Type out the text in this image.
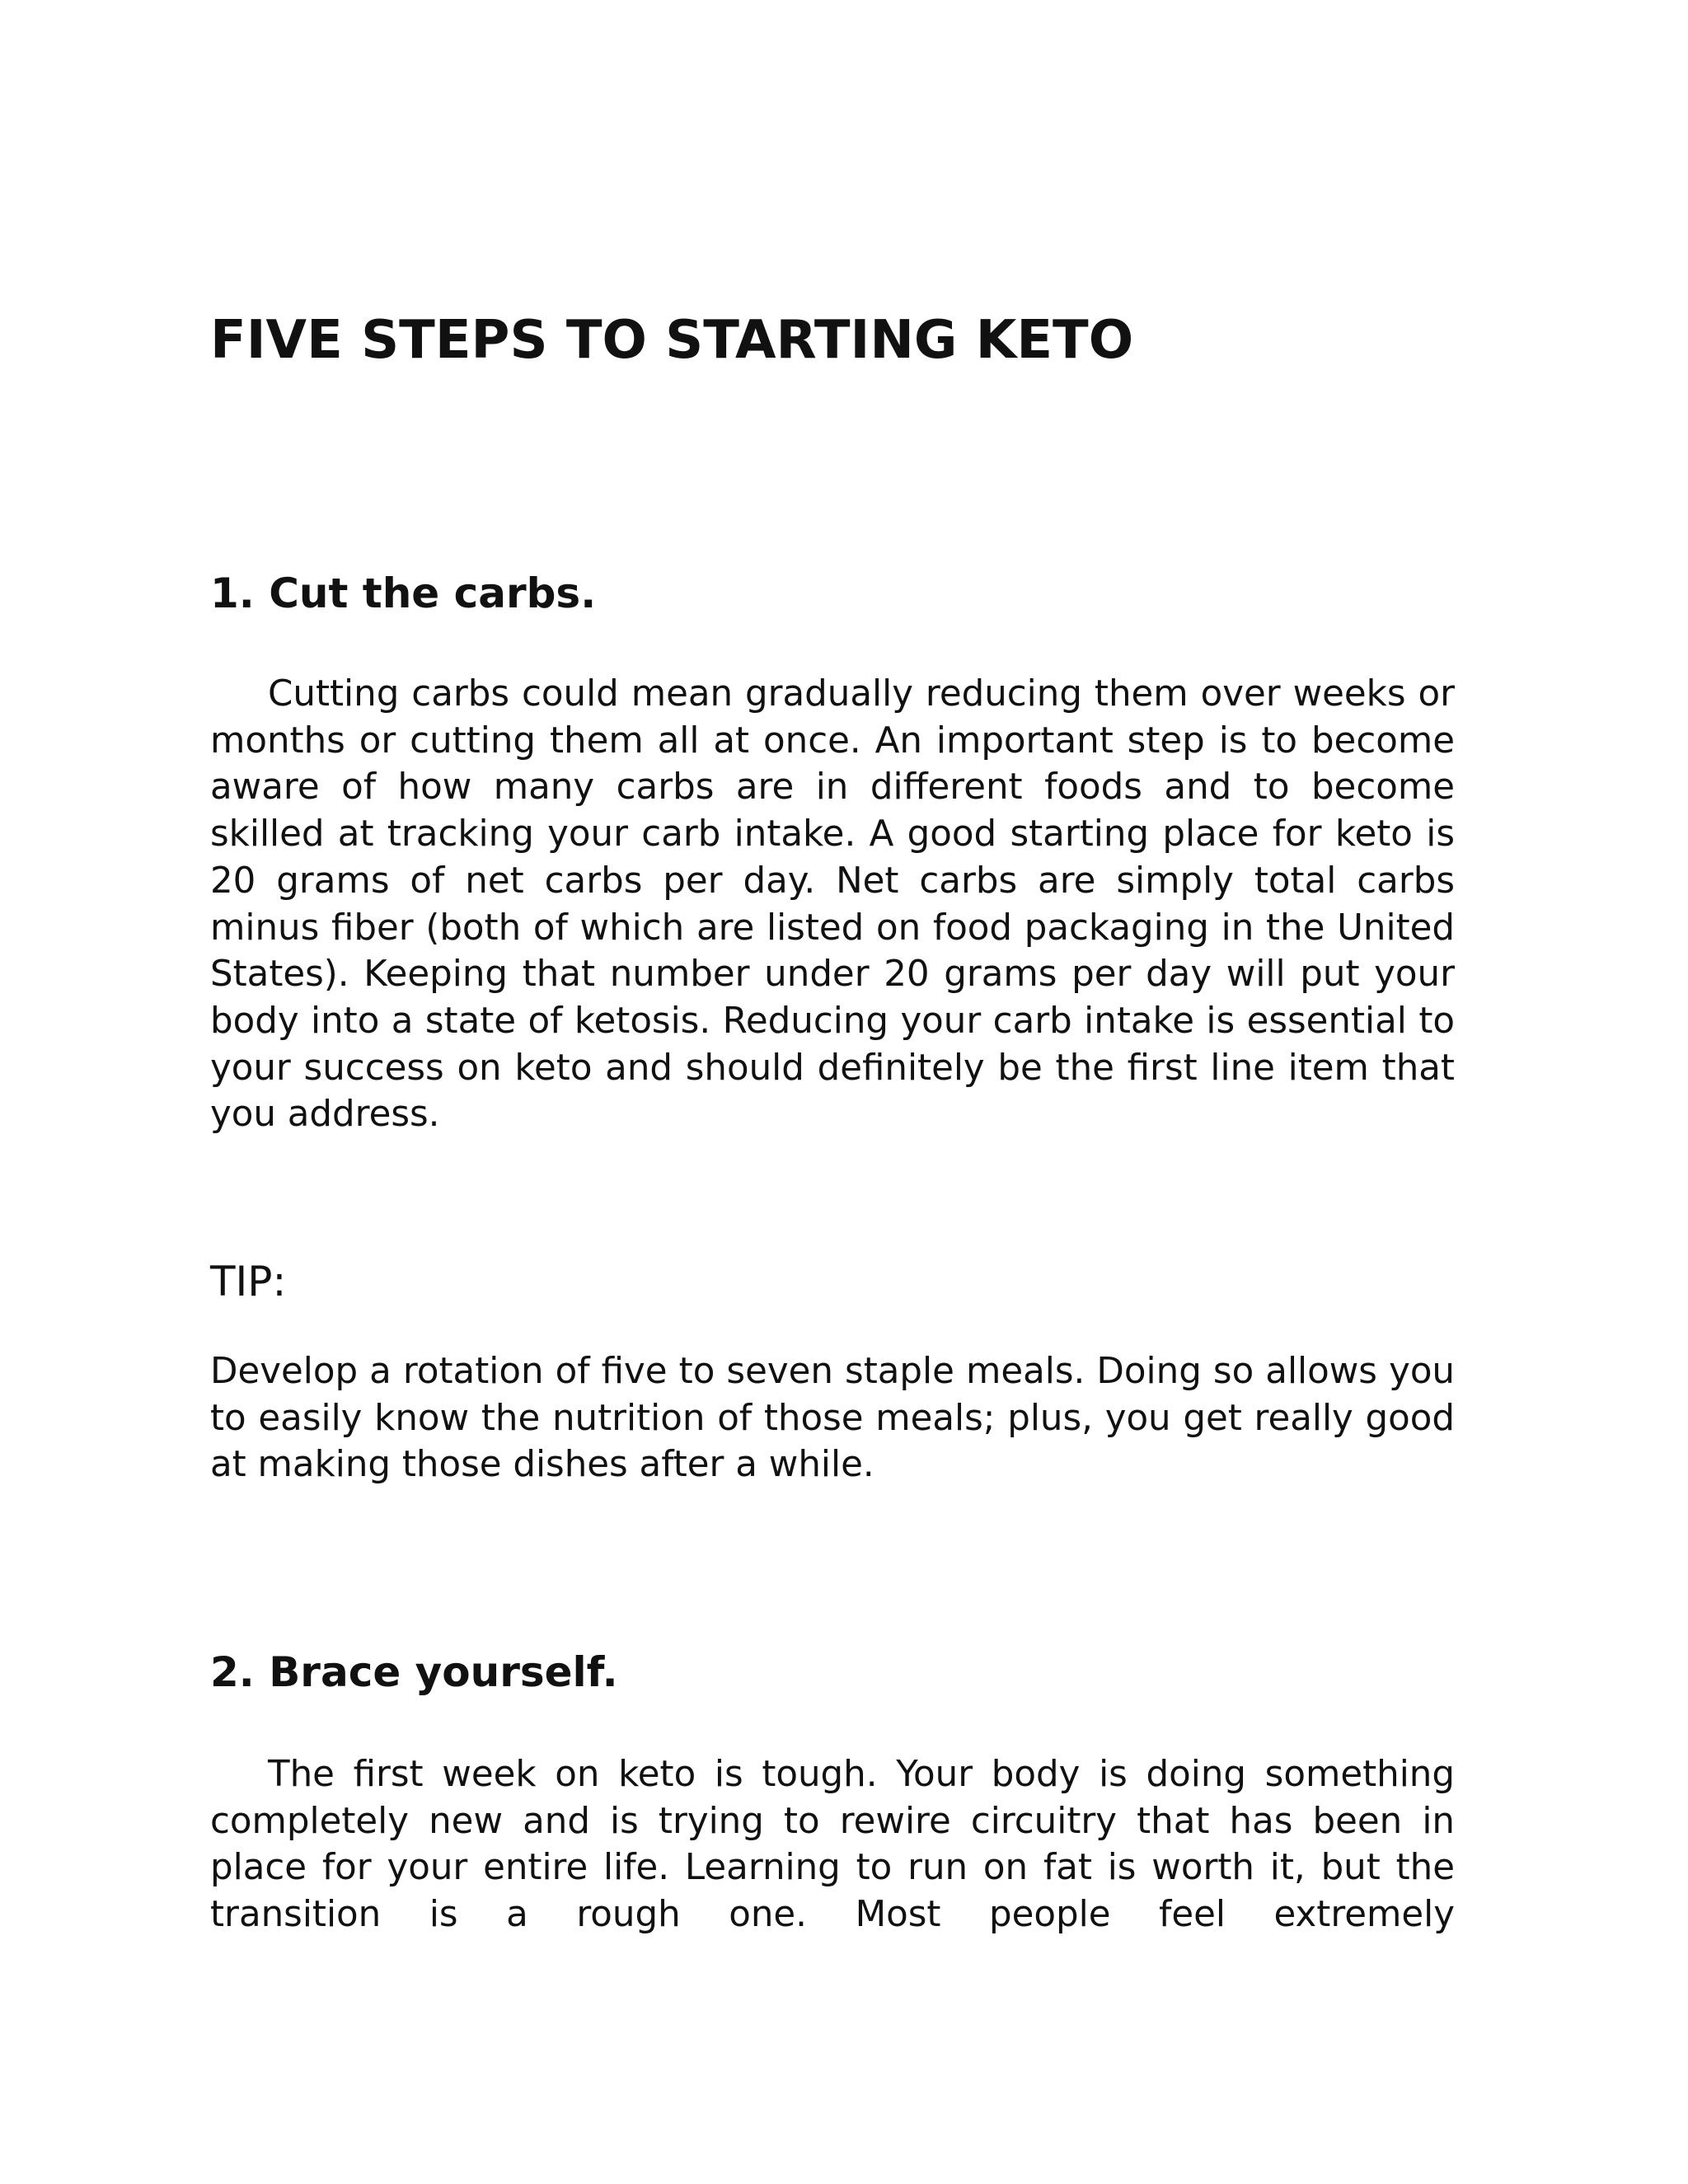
FIVE STEPS TO STARTING KETO
1. Cut the carbs.

Cutting carbs could mean gradually reducing them over weeks or months or cutting them all at once. An important step is to become aware of how many carbs are in different foods and to become skilled at tracking your carb intake. A good starting place for keto is 20 grams of net carbs per day. Net carbs are simply total carbs minus fiber (both of which are listed on food packaging in the United States). Keeping that number under 20 grams per day will put your body into a state of ketosis. Reducing your carb intake is essential to your success on keto and should definitely be the first line item that you address.

TIP:

Develop a rotation of five to seven staple meals. Doing so allows you to easily know the nutrition of those meals; plus, you get really good at making those dishes after a while.

2. Brace yourself.

The first week on keto is tough. Your body is doing something completely new and is trying to rewire circuitry that has been in place for your entire life. Learning to run on fat is worth it, but the transition is a rough one. Most people feel extremely
